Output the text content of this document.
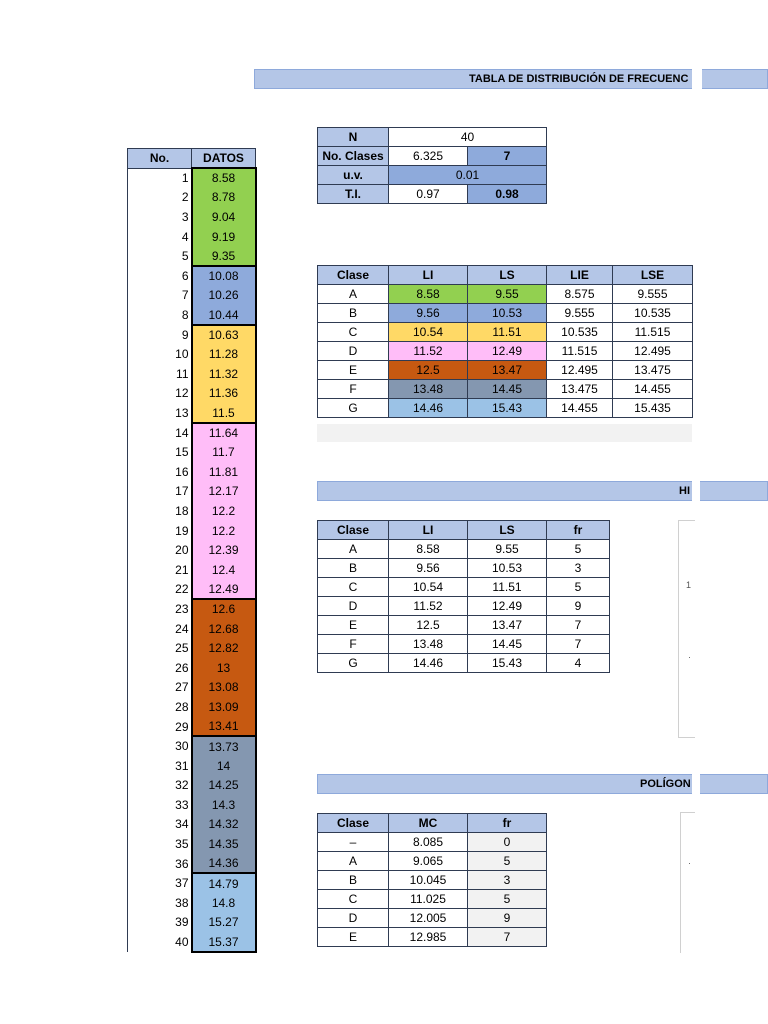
TABLA DE DISTRIBUCIÓN DE FRECUENC
N	40	
No. Clases	6.325	7
u.v.	0.01	
T.I.	0.97	0.98
No.	DATOS
1	8.58
2	8.78
3	9.04
4	9.19
5	9.35
6	10.08
7	10.26
8	10.44
9	10.63
10	11.28
11	11.32
12	11.36
13	11.5
14	11.64
15	11.7
16	11.81
17	12.17
18	12.2
19	12.2
20	12.39
21	12.4
22	12.49
23	12.6
24	12.68
25	12.82
26	13
27	13.08
28	13.09
29	13.41
30	13.73
31	14
32	14.25
33	14.3
34	14.32
35	14.35
36	14.36
37	14.79
38	14.8
39	15.27
40	15.37
Clase	LI	LS	LIE	LSE
A	8.58	9.55	8.575	9.555
B	9.56	10.53	9.555	10.535
C	10.54	11.51	10.535	11.515
D	11.52	12.49	11.515	12.495
E	12.5	13.47	12.495	13.475
F	13.48	14.45	13.475	14.455
G	14.46	15.43	14.455	15.435
HI
Clase	LI	LS	fr
A	8.58	9.55	5
B	9.56	10.53	3
C	10.54	11.51	5
D	11.52	12.49	9
E	12.5	13.47	7
F	13.48	14.45	7
G	14.46	15.43	4
1
·
POLÍGON
Clase	MC	fr
–	8.085	0
A	9.065	5
B	10.045	3
C	11.025	5
D	12.005	9
E	12.985	7
·
